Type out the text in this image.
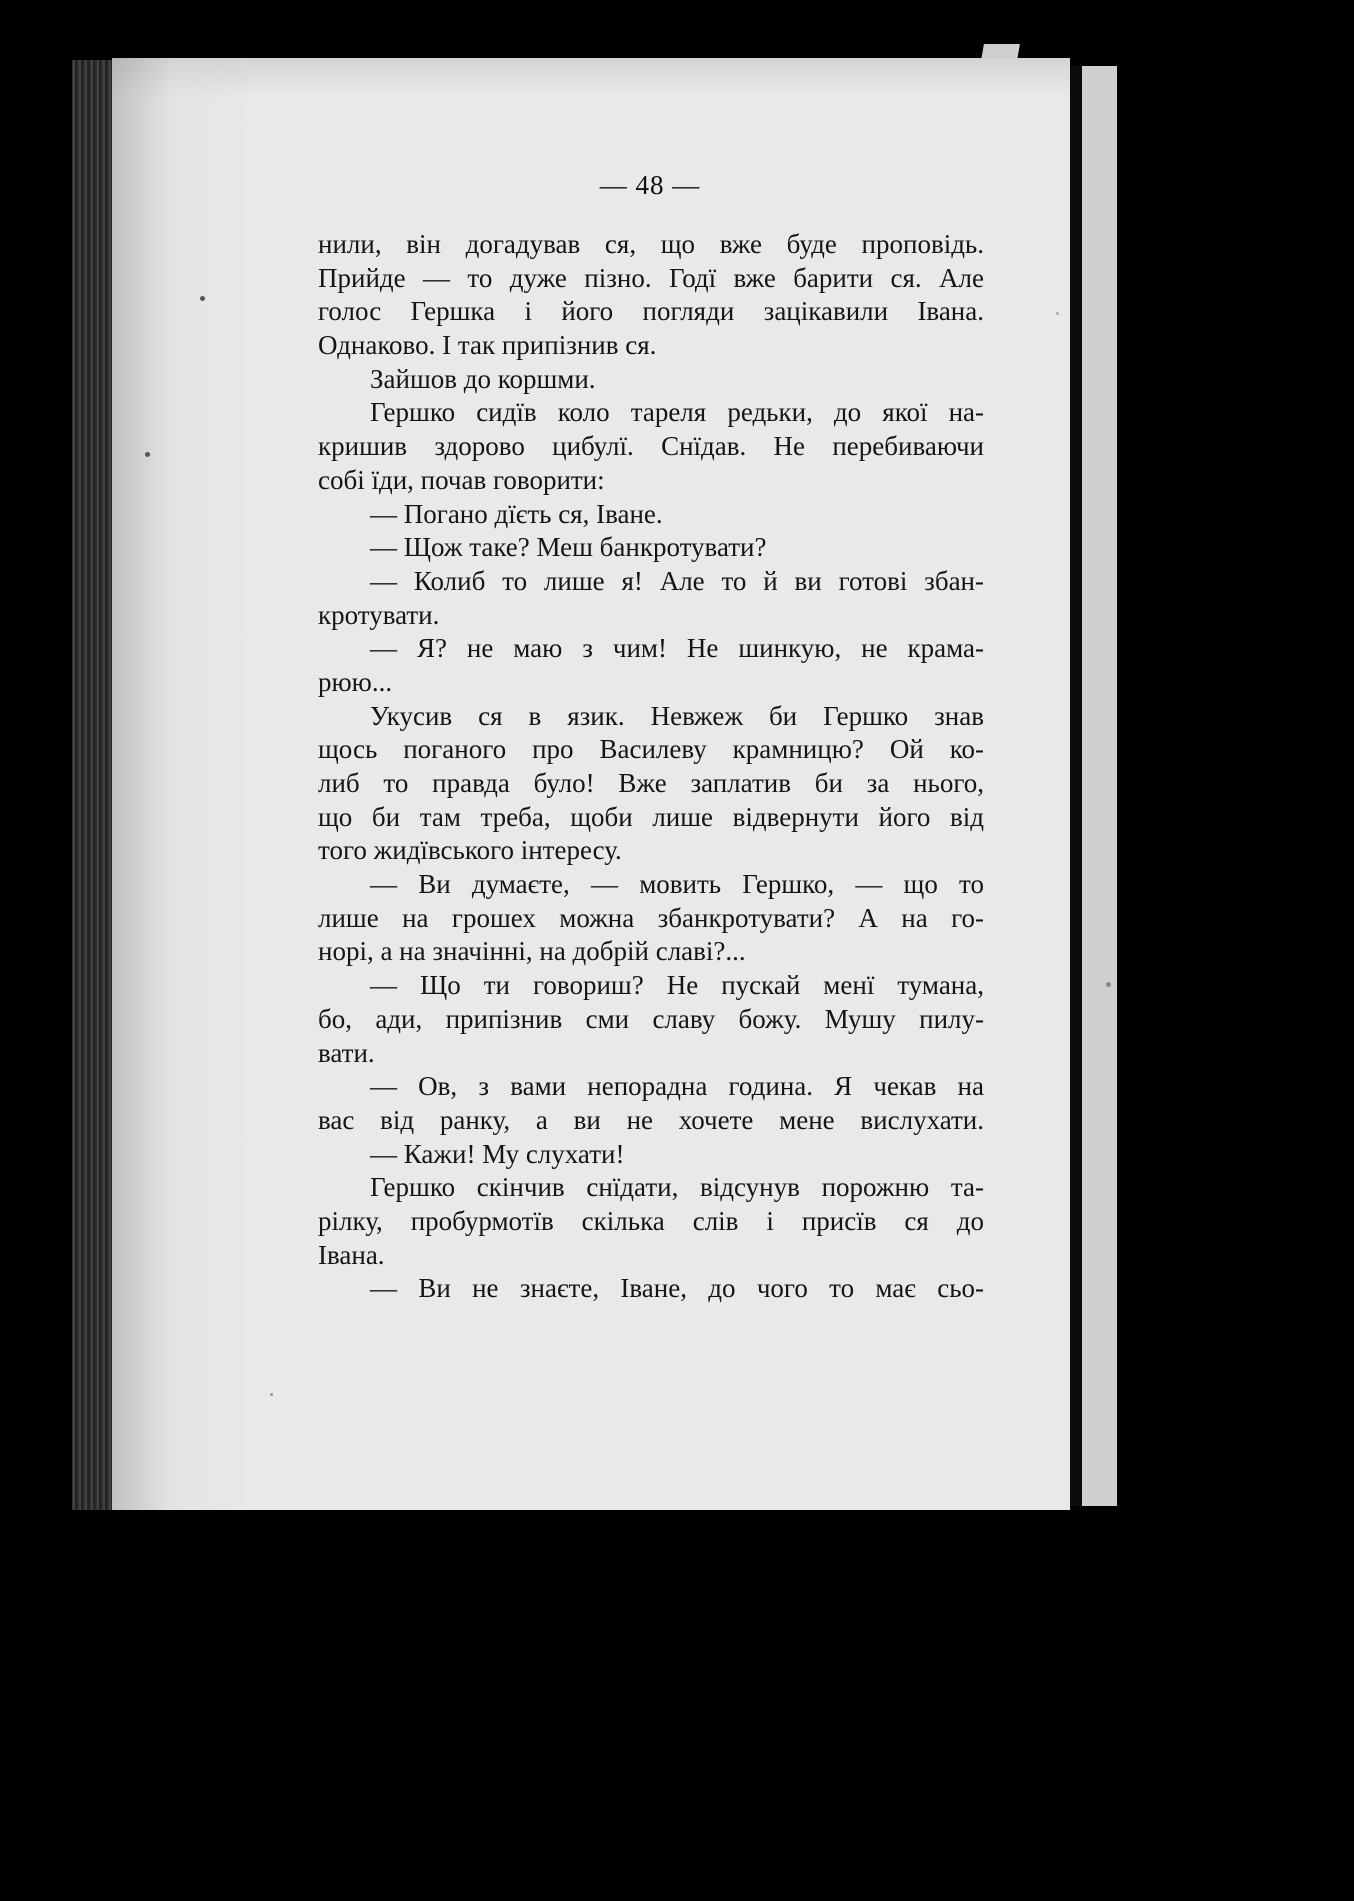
— 48 —
нили, він догадував ся, що вже буде проповідь.
Прийде — то дуже пізно. Годї вже барити ся. Але
голос Гершка і його погляди зацікавили Івана.
Однаково. І так припізнив ся.
Зайшов до коршми.
Гершко сидїв коло тареля редьки, до якої на-
кришив здорово цибулї. Снїдав. Не перебиваючи
собі їди, почав говорити:
— Погано дїєть ся, Іване.
— Щож таке? Меш банкротувати?
— Колиб то лише я! Але то й ви готові збан-
кротувати.
— Я? не маю з чим! Не шинкую, не крама-
рюю...
Укусив ся в язик. Невжеж би Гершко знав
щось поганого про Василеву крамницю? Ой ко-
либ то правда було! Вже заплатив би за нього,
що би там треба, щоби лише відвернути його від
того жидївського інтересу.
— Ви думаєте, — мовить Гершко, — що то
лише на грошех можна збанкротувати? А на го-
норі, а на значінні, на добрій славі?...
— Що ти говориш? Не пускай менї тумана,
бо, ади, припізнив сми славу божу. Мушу пилу-
вати.
— Ов, з вами непорадна година. Я чекав на
вас від ранку, а ви не хочете мене вислухати.
— Кажи! Му слухати!
Гершко скінчив снїдати, відсунув порожню та-
рілку, пробурмотїв скілька слів і присїв ся до
Івана.
— Ви не знаєте, Іване, до чого то має сьо-
